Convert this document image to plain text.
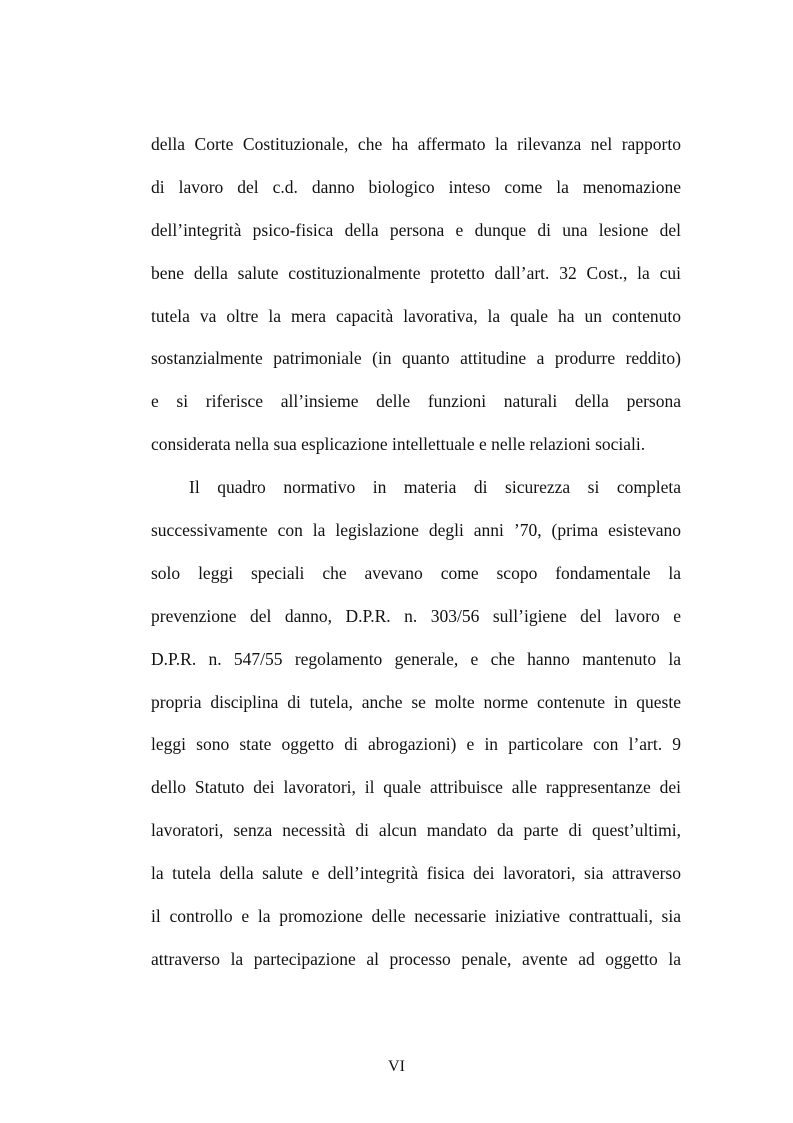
della Corte Costituzionale, che ha affermato la rilevanza nel rapporto
di lavoro del c.d. danno biologico inteso come la menomazione
dell’integrità psico-fisica della persona e dunque di una lesione del
bene della salute costituzionalmente protetto dall’art. 32 Cost., la cui
tutela va oltre la mera capacità lavorativa, la quale ha un contenuto
sostanzialmente patrimoniale (in quanto attitudine a produrre reddito)
e si riferisce all’insieme delle funzioni naturali della persona
considerata nella sua esplicazione intellettuale e nelle relazioni sociali.
Il quadro normativo in materia di sicurezza si completa
successivamente con la legislazione degli anni ’70, (prima esistevano
solo leggi speciali che avevano come scopo fondamentale la
prevenzione del danno, D.P.R. n. 303/56 sull’igiene del lavoro e
D.P.R. n. 547/55 regolamento generale, e che hanno mantenuto la
propria disciplina di tutela, anche se molte norme contenute in queste
leggi sono state oggetto di abrogazioni) e in particolare con l’art. 9
dello Statuto dei lavoratori, il quale attribuisce alle rappresentanze dei
lavoratori, senza necessità di alcun mandato da parte di quest’ultimi,
la tutela della salute e dell’integrità fisica dei lavoratori, sia attraverso
il controllo e la promozione delle necessarie iniziative contrattuali, sia
attraverso la partecipazione al processo penale, avente ad oggetto la
VI
